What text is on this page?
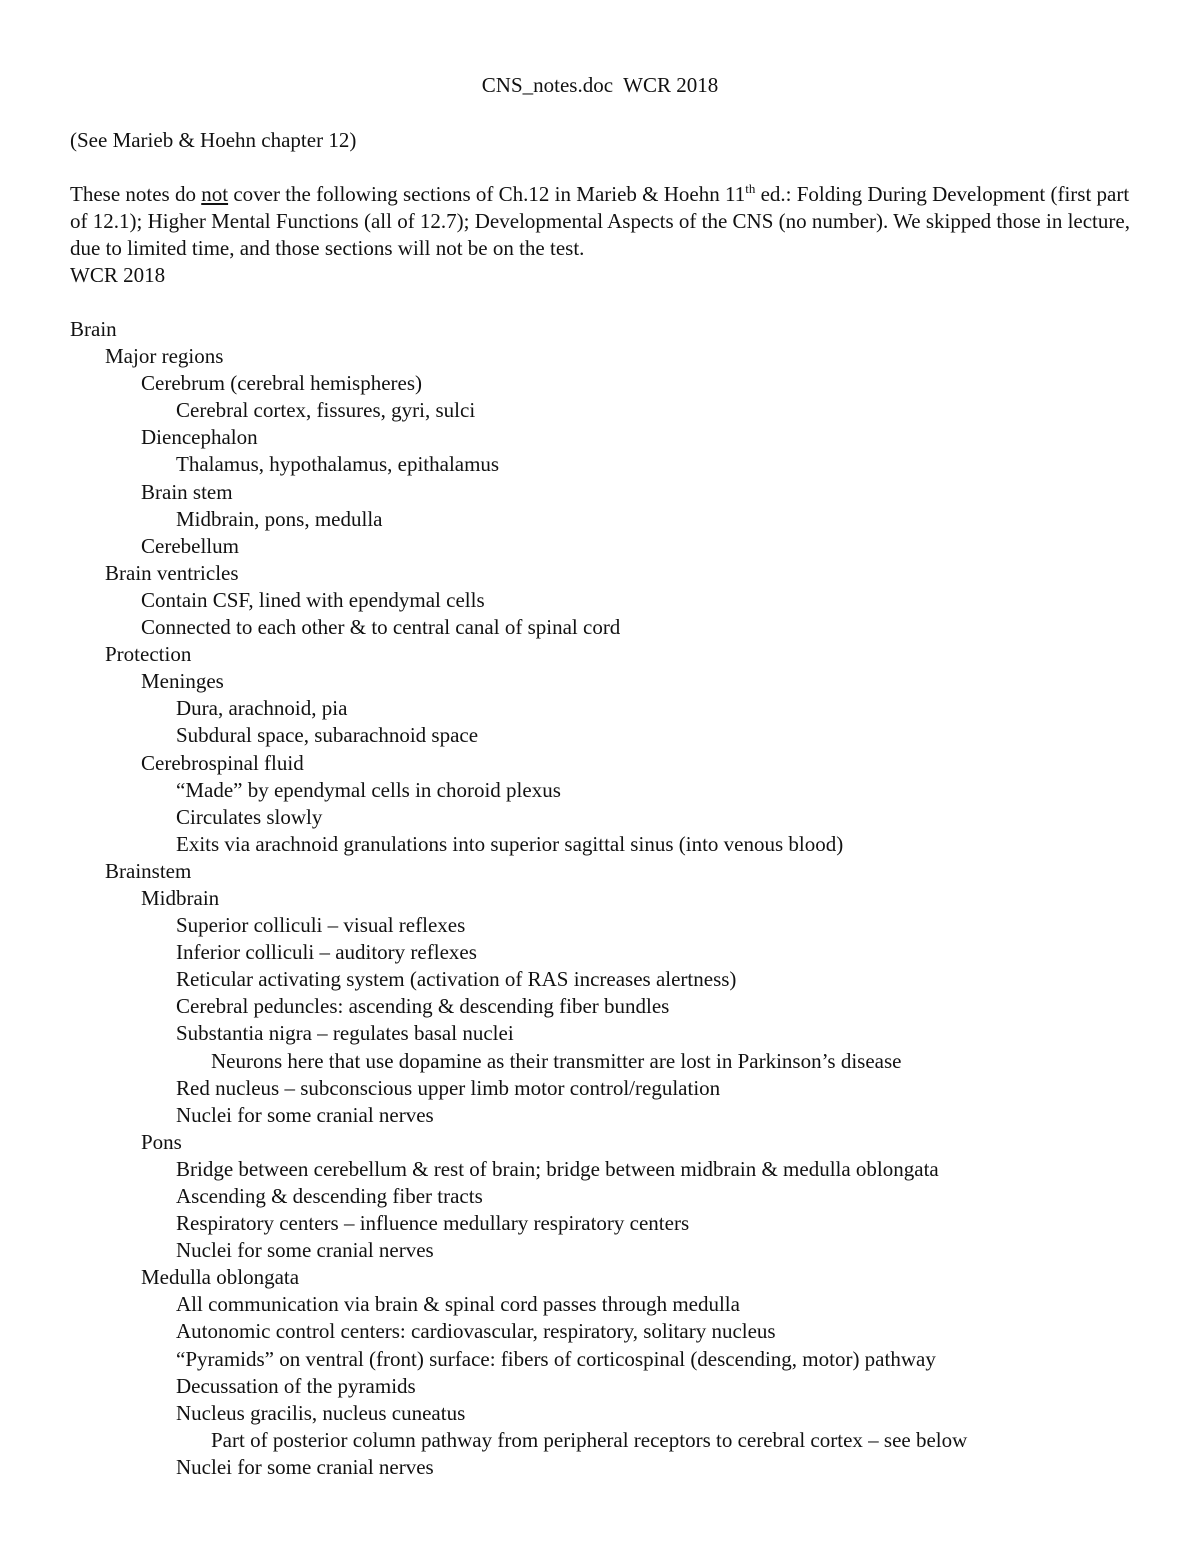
CNS_notes.doc  WCR 2018
(See Marieb & Hoehn chapter 12)
These notes do not cover the following sections of Ch.12 in Marieb & Hoehn 11th ed.: Folding During Development (first part of 12.1); Higher Mental Functions (all of 12.7); Developmental Aspects of the CNS (no number). We skipped those in lecture, due to limited time, and those sections will not be on the test.
WCR 2018
Brain
Major regions
Cerebrum (cerebral hemispheres)
Cerebral cortex, fissures, gyri, sulci
Diencephalon
Thalamus, hypothalamus, epithalamus
Brain stem
Midbrain, pons, medulla
Cerebellum
Brain ventricles
Contain CSF, lined with ependymal cells
Connected to each other & to central canal of spinal cord
Protection
Meninges
Dura, arachnoid, pia
Subdural space, subarachnoid space
Cerebrospinal fluid
“Made” by ependymal cells in choroid plexus
Circulates slowly
Exits via arachnoid granulations into superior sagittal sinus (into venous blood)
Brainstem
Midbrain
Superior colliculi – visual reflexes
Inferior colliculi – auditory reflexes
Reticular activating system (activation of RAS increases alertness)
Cerebral peduncles: ascending & descending fiber bundles
Substantia nigra – regulates basal nuclei
Neurons here that use dopamine as their transmitter are lost in Parkinson’s disease
Red nucleus – subconscious upper limb motor control/regulation
Nuclei for some cranial nerves
Pons
Bridge between cerebellum & rest of brain; bridge between midbrain & medulla oblongata
Ascending & descending fiber tracts
Respiratory centers – influence medullary respiratory centers
Nuclei for some cranial nerves
Medulla oblongata
All communication via brain & spinal cord passes through medulla
Autonomic control centers: cardiovascular, respiratory, solitary nucleus
“Pyramids” on ventral (front) surface: fibers of corticospinal (descending, motor) pathway
Decussation of the pyramids
Nucleus gracilis, nucleus cuneatus
Part of posterior column pathway from peripheral receptors to cerebral cortex – see below
Nuclei for some cranial nerves
